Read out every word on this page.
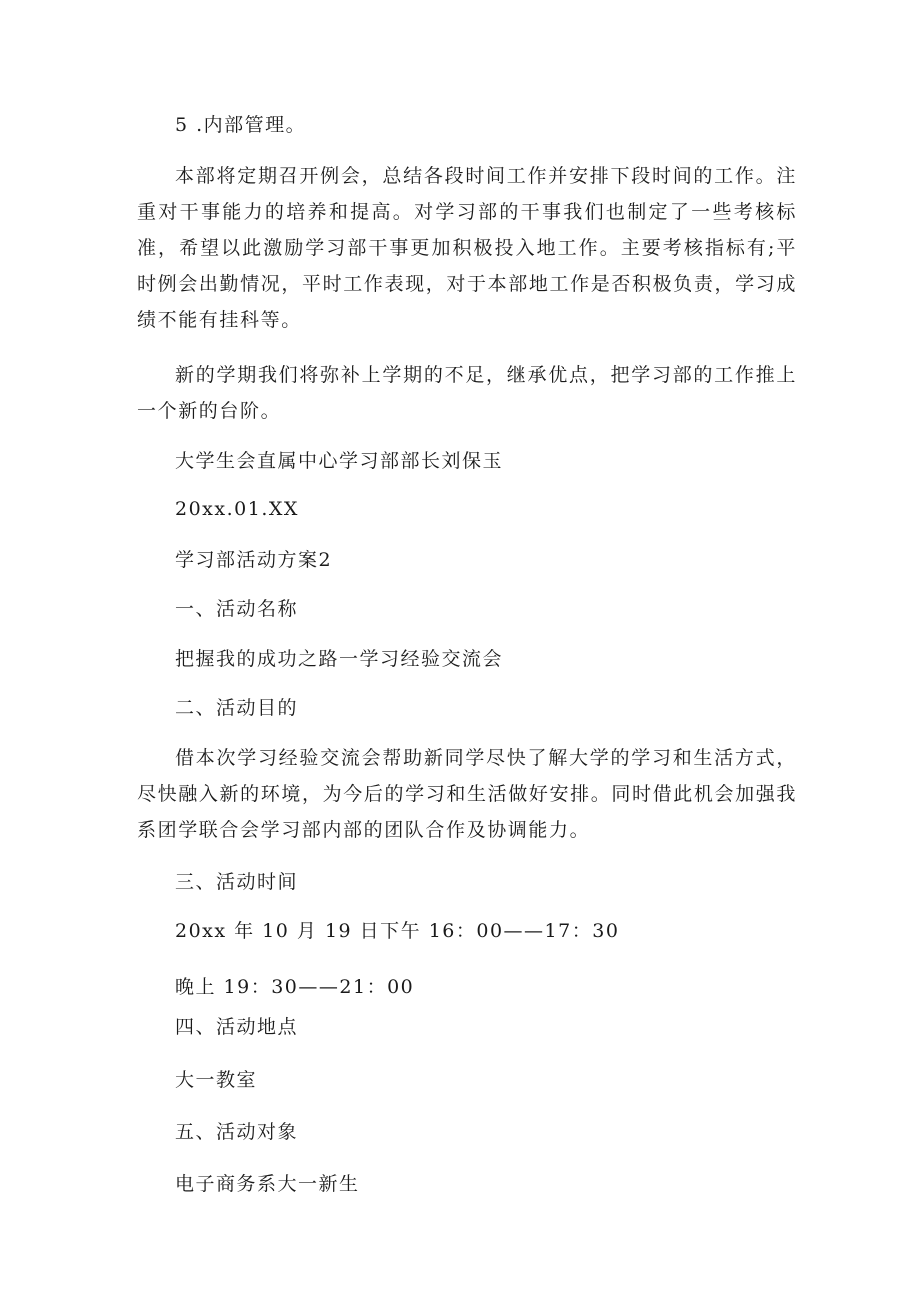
5 .内部管理。
本部将定期召开例会，总结各段时间工作并安排下段时间的工作。注重对干事能力的培养和提高。对学习部的干事我们也制定了一些考核标准，希望以此激励学习部干事更加积极投入地工作。主要考核指标有;平时例会出勤情况，平时工作表现，对于本部地工作是否积极负责，学习成绩不能有挂科等。
新的学期我们将弥补上学期的不足，继承优点，把学习部的工作推上一个新的台阶。
大学生会直属中心学习部部长刘保玉
20xx.01.XX
学习部活动方案2
一、活动名称
把握我的成功之路一学习经验交流会
二、活动目的
借本次学习经验交流会帮助新同学尽快了解大学的学习和生活方式，尽快融入新的环境，为今后的学习和生活做好安排。同时借此机会加强我系团学联合会学习部内部的团队合作及协调能力。
三、活动时间
20xx 年 10 月 19 日下午 16：00——17：30
晚上 19：30——21：00
四、活动地点
大一教室
五、活动对象
电子商务系大一新生
